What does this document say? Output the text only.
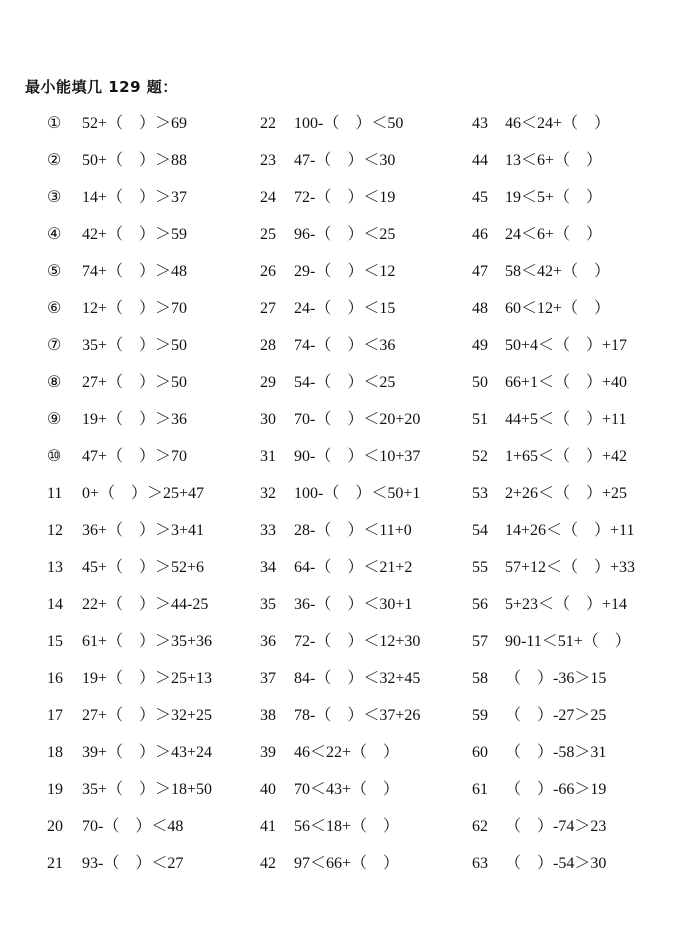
最小能填几 129 题：
①	52+（　）＞69
②	50+（　）＞88
③	14+（　）＞37
④	42+（　）＞59
⑤	74+（　）＞48
⑥	12+（　）＞70
⑦	35+（　）＞50
⑧	27+（　）＞50
⑨	19+（　）＞36
⑩	47+（　）＞70
11	0+（　）＞25+47
12	36+（　）＞3+41
13	45+（　）＞52+6
14	22+（　）＞44-25
15	61+（　）＞35+36
16	19+（　）＞25+13
17	27+（　）＞32+25
18	39+（　）＞43+24
19	35+（　）＞18+50
20	70-（　）＜48
21	93-（　）＜27
22	100-（　）＜50
23	47-（　）＜30
24	72-（　）＜19
25	96-（　）＜25
26	29-（　）＜12
27	24-（　）＜15
28	74-（　）＜36
29	54-（　）＜25
30	70-（　）＜20+20
31	90-（　）＜10+37
32	100-（　）＜50+1
33	28-（　）＜11+0
34	64-（　）＜21+2
35	36-（　）＜30+1
36	72-（　）＜12+30
37	84-（　）＜32+45
38	78-（　）＜37+26
39	46＜22+（　）
40	70＜43+（　）
41	56＜18+（　）
42	97＜66+（　）
43	46＜24+（　）
44	13＜6+（　）
45	19＜5+（　）
46	24＜6+（　）
47	58＜42+（　）
48	60＜12+（　）
49	50+4＜（　）+17
50	66+1＜（　）+40
51	44+5＜（　）+11
52	1+65＜（　）+42
53	2+26＜（　）+25
54	14+26＜（　）+11
55	57+12＜（　）+33
56	5+23＜（　）+14
57	90-11＜51+（　）
58	（　）-36＞15
59	（　）-27＞25
60	（　）-58＞31
61	（　）-66＞19
62	（　）-74＞23
63	（　）-54＞30
